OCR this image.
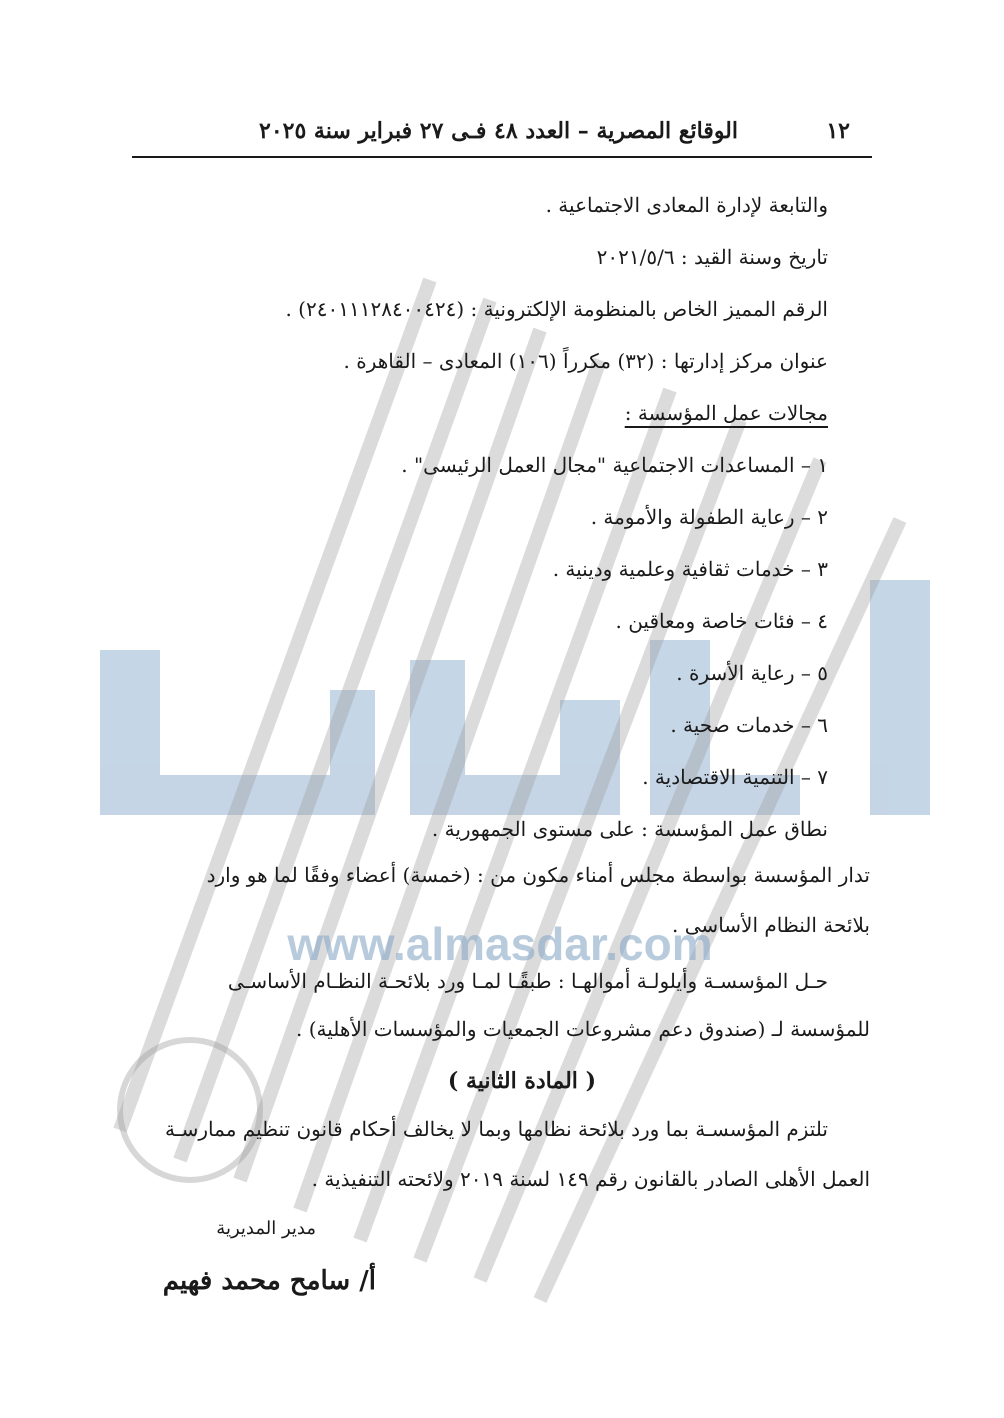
www.almasdar.com
١٢
الوقائع المصرية – العدد ٤٨ فـى ٢٧ فبراير سنة ٢٠٢٥
والتابعة لإدارة المعادى الاجتماعية .
تاريخ وسنة القيد : ٢٠٢١/٥/٦
الرقم المميز الخاص بالمنظومة الإلكترونية : (٢٤٠١١١٢٨٤٠٠٤٢٤) .
عنوان مركز إدارتها : (٣٢) مكرراً (١٠٦) المعادى – القاهرة .
مجالات عمل المؤسسة :
١ – المساعدات الاجتماعية "مجال العمل الرئيسى" .
٢ – رعاية الطفولة والأمومة .
٣ – خدمات ثقافية وعلمية ودينية .
٤ – فئات خاصة ومعاقين .
٥ – رعاية الأسرة .
٦ – خدمات صحية .
٧ – التنمية الاقتصادية .
نطاق عمل المؤسسة : على مستوى الجمهورية .
تدار المؤسسة بواسطة مجلس أمناء مكون من : (خمسة) أعضاء وفقًا لما هو وارد
بلائحة النظام الأساسى .
حـل المؤسسـة وأيلولـة أموالهـا : طبقًـا لمـا ورد بلائحـة النظـام الأساسـى
للمؤسسة لـ (صندوق دعم مشروعات الجمعيات والمؤسسات الأهلية) .
( المادة الثانية )
تلتزم المؤسسـة بما ورد بلائحة نظامها وبما لا يخالف أحكام قانون تنظيم ممارسـة
العمل الأهلى الصادر بالقانون رقم ١٤٩ لسنة ٢٠١٩ ولائحته التنفيذية .
مدير المديرية
أ/ سامح محمد فهيم
